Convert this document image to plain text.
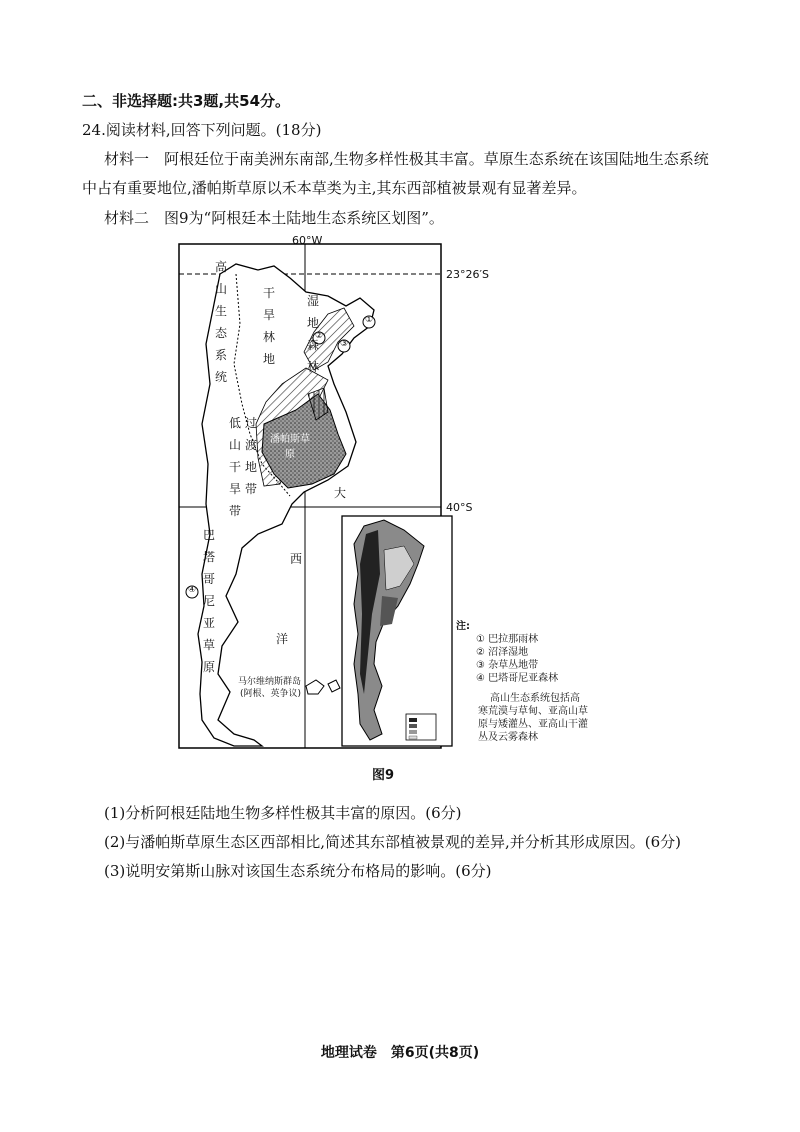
二、非选择题:共3题,共54分。
24.阅读材料,回答下列问题。(18分)
材料一　阿根廷位于南美洲东南部,生物多样性极其丰富。草原生态系统在该国陆地生态系统
中占有重要地位,潘帕斯草原以禾本草类为主,其东西部植被景观有显著差异。
材料二　图9为“阿根廷本土陆地生态系统区划图”。
60°W
23°26′S
40°S
高山生态系统
干旱林地
湿地森林
过渡地带
低山干旱带
巴塔哥尼亚草原
潘帕斯草原
大
西
洋
马尔维纳斯群岛
(阿根、英争议)
①
②
③
④
注:
① 巴拉那雨林
② 沼泽湿地
③ 杂草丛地带
④ 巴塔哥尼亚森林
高山生态系统包括高
寒荒漠与草甸、亚高山草
原与矮灌丛、亚高山干灌
丛及云雾森林
图9
(1)分析阿根廷陆地生物多样性极其丰富的原因。(6分)
(2)与潘帕斯草原生态区西部相比,简述其东部植被景观的差异,并分析其形成原因。(6分)
(3)说明安第斯山脉对该国生态系统分布格局的影响。(6分)
地理试卷　第6页(共8页)
